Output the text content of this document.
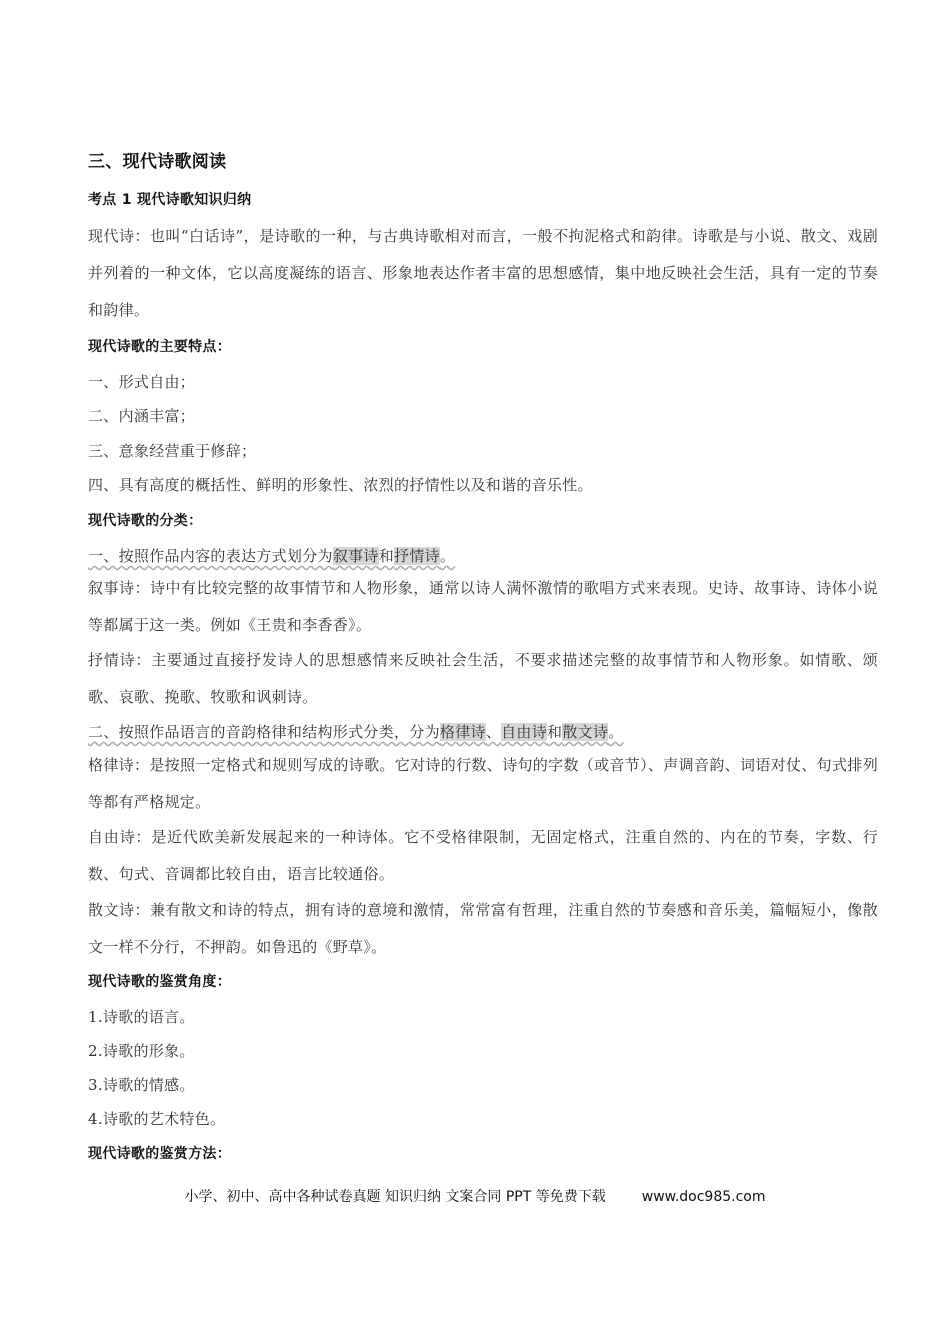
三、现代诗歌阅读
考点 1 现代诗歌知识归纳
现代诗：也叫“白话诗”，是诗歌的一种，与古典诗歌相对而言，一般不拘泥格式和韵律。诗歌是与小说、散文、戏剧并列着的一种文体，它以高度凝练的语言、形象地表达作者丰富的思想感情，集中地反映社会生活，具有一定的节奏和韵律。
现代诗歌的主要特点：
一、形式自由；
二、内涵丰富；
三、意象经营重于修辞；
四、具有高度的概括性、鲜明的形象性、浓烈的抒情性以及和谐的音乐性。
现代诗歌的分类：
一、按照作品内容的表达方式划分为叙事诗和抒情诗。
叙事诗：诗中有比较完整的故事情节和人物形象，通常以诗人满怀激情的歌唱方式来表现。史诗、故事诗、诗体小说等都属于这一类。例如《王贵和李香香》。
抒情诗：主要通过直接抒发诗人的思想感情来反映社会生活，不要求描述完整的故事情节和人物形象。如情歌、颂歌、哀歌、挽歌、牧歌和讽刺诗。
二、按照作品语言的音韵格律和结构形式分类，分为格律诗、自由诗和散文诗。
格律诗：是按照一定格式和规则写成的诗歌。它对诗的行数、诗句的字数（或音节）、声调音韵、词语对仗、句式排列等都有严格规定。
自由诗：是近代欧美新发展起来的一种诗体。它不受格律限制，无固定格式，注重自然的、内在的节奏，字数、行数、句式、音调都比较自由，语言比较通俗。
散文诗：兼有散文和诗的特点，拥有诗的意境和激情，常常富有哲理，注重自然的节奏感和音乐美，篇幅短小，像散文一样不分行，不押韵。如鲁迅的《野草》。
现代诗歌的鉴赏角度：
1.诗歌的语言。
2.诗歌的形象。
3.诗歌的情感。
4.诗歌的艺术特色。
现代诗歌的鉴赏方法：
小学、初中、高中各种试卷真题 知识归纳 文案合同 PPT 等免费下载	www.doc985.com
